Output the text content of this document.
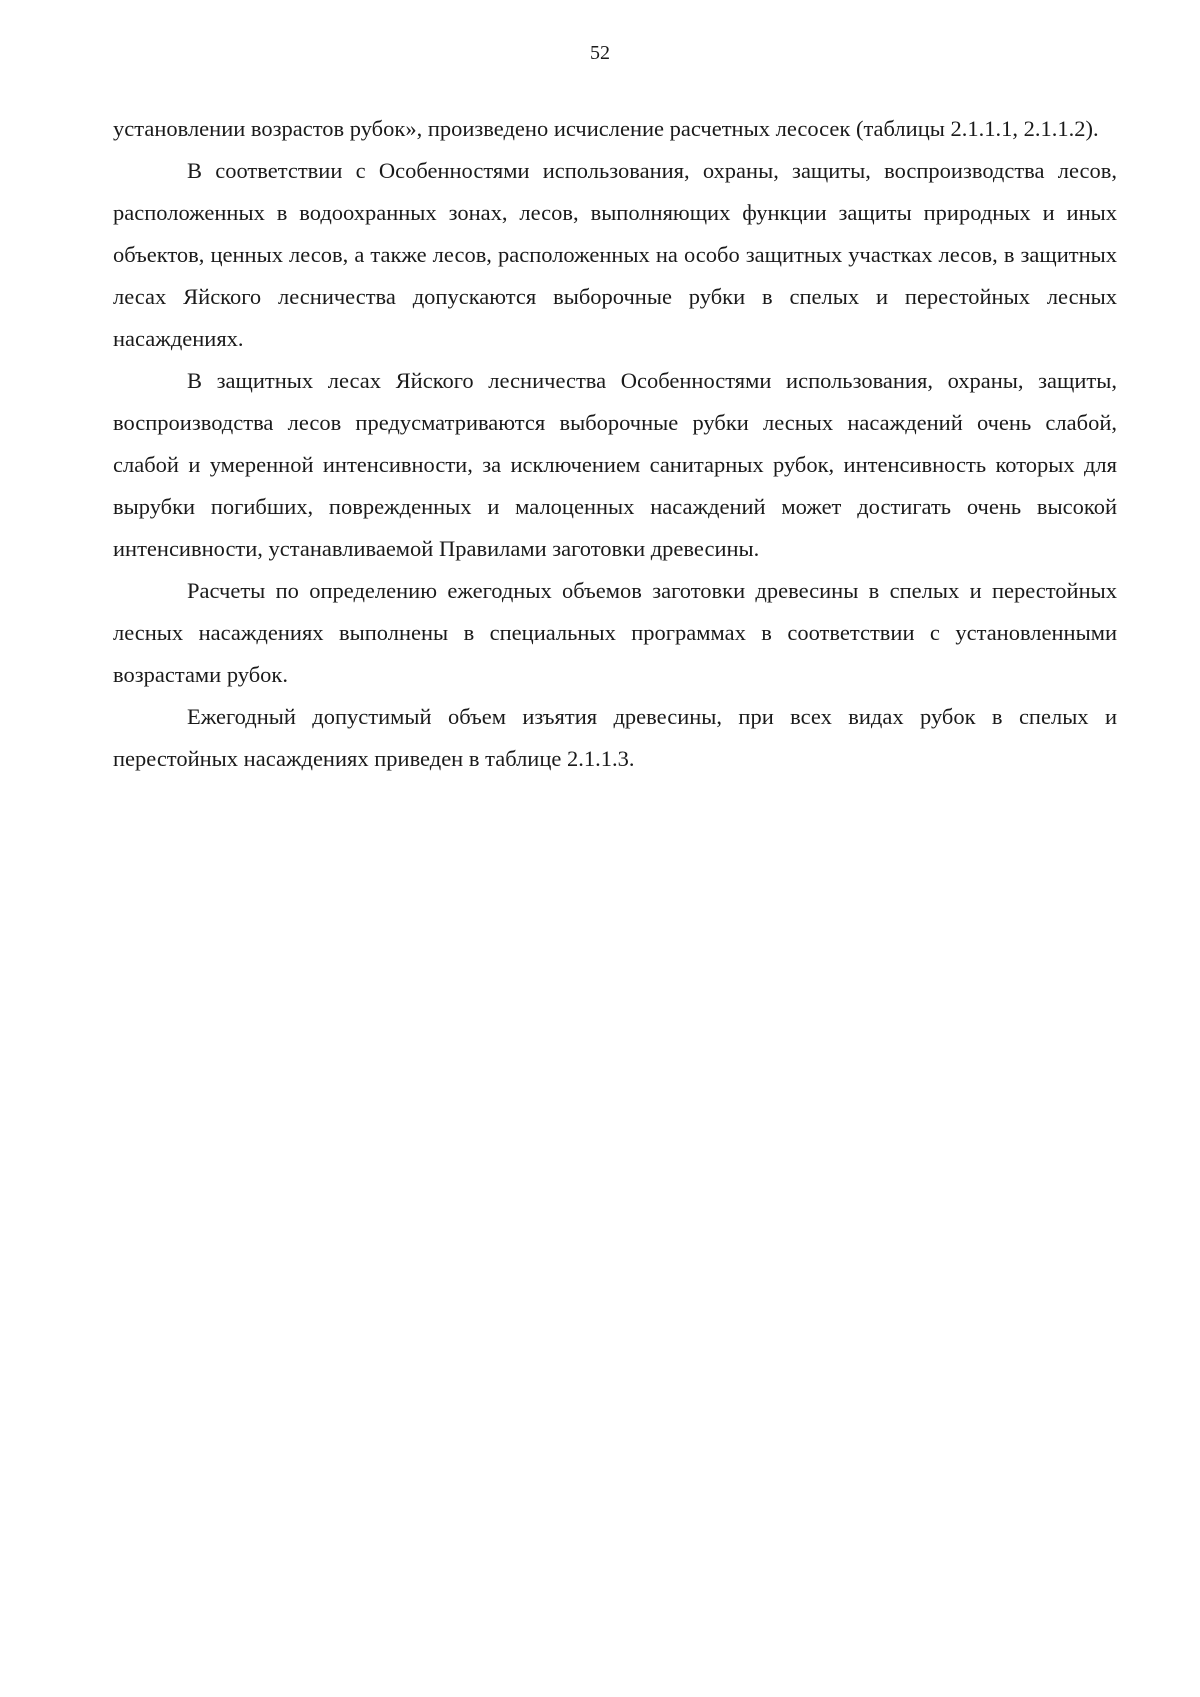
52

установлении возрастов рубок», произведено исчисление расчетных лесосек (таблицы 2.1.1.1, 2.1.1.2).

В соответствии с Особенностями использования, охраны, защиты, воспроизводства лесов, расположенных в водоохранных зонах, лесов, выполняющих функции защиты природных и иных объектов, ценных лесов, а также лесов, расположенных на особо защитных участках лесов, в защитных лесах Яйского лесничества допускаются выборочные рубки в спелых и перестойных лесных насаждениях.

В защитных лесах Яйского лесничества Особенностями использования, охраны, защиты, воспроизводства лесов предусматриваются выборочные рубки лесных насаждений очень слабой, слабой и умеренной интенсивности, за исключением санитарных рубок, интенсивность которых для вырубки погибших, поврежденных и малоценных насаждений может достигать очень высокой интенсивности, устанавливаемой Правилами заготовки древесины.

Расчеты по определению ежегодных объемов заготовки древесины в спелых и перестойных лесных насаждениях выполнены в специальных программах в соответствии с установленными возрастами рубок.

Ежегодный допустимый объем изъятия древесины, при всех видах рубок в спелых и перестойных насаждениях приведен в таблице 2.1.1.3.
